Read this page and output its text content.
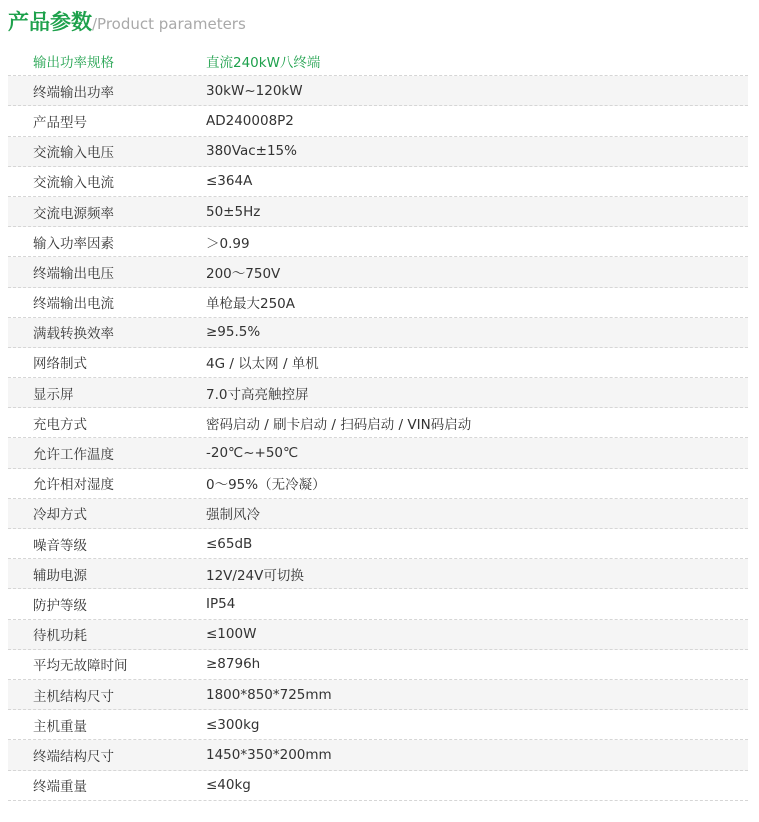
产品参数 /Product parameters
输出功率规格	直流240kW八终端
终端输出功率	30kW~120kW
产品型号	AD240008P2
交流输入电压	380Vac±15%
交流输入电流	≤364A
交流电源频率	50±5Hz
输入功率因素	＞0.99
终端输出电压	200～750V
终端输出电流	单枪最大250A
满载转换效率	≥95.5%
网络制式	4G / 以太网 / 单机
显示屏	7.0寸高亮触控屏
充电方式	密码启动 / 刷卡启动 / 扫码启动 / VIN码启动
允许工作温度	-20℃~+50℃
允许相对湿度	0～95%（无冷凝）
冷却方式	强制风冷
噪音等级	≤65dB
辅助电源	12V/24V可切换
防护等级	IP54
待机功耗	≤100W
平均无故障时间	≥8796h
主机结构尺寸	1800*850*725mm
主机重量	≤300kg
终端结构尺寸	1450*350*200mm
终端重量	≤40kg
